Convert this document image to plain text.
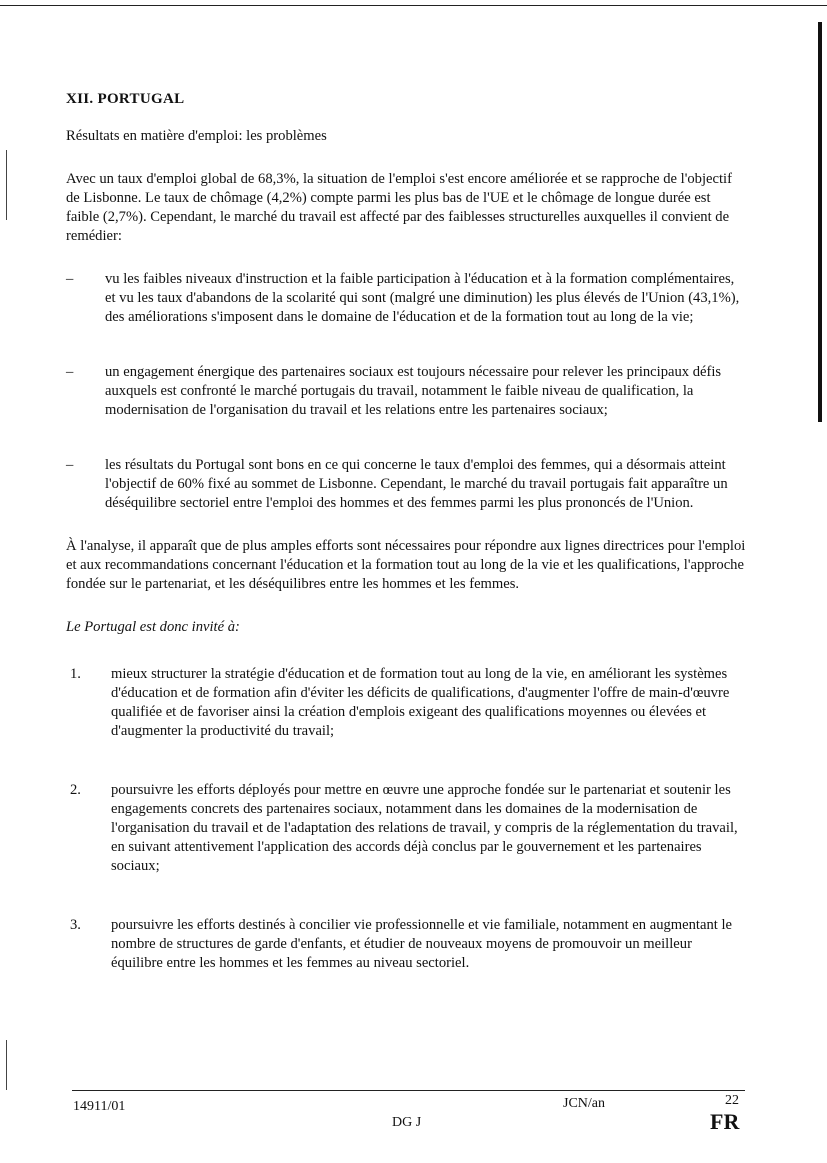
XII. PORTUGAL

Résultats en matière d'emploi: les problèmes

Avec un taux d'emploi global de 68,3%, la situation de l'emploi s'est encore améliorée et se rapproche de l'objectif de Lisbonne. Le taux de chômage (4,2%) compte parmi les plus bas de l'UE et le chômage de longue durée est faible (2,7%). Cependant, le marché du travail est affecté par des faiblesses structurelles auxquelles il convient de remédier:

– vu les faibles niveaux d'instruction et la faible participation à l'éducation et à la formation complémentaires, et vu les taux d'abandons de la scolarité qui sont (malgré une diminution) les plus élevés de l'Union (43,1%), des améliorations s'imposent dans le domaine de l'éducation et de la formation tout au long de la vie;
– un engagement énergique des partenaires sociaux est toujours nécessaire pour relever les principaux défis auxquels est confronté le marché portugais du travail, notamment le faible niveau de qualification, la modernisation de l'organisation du travail et les relations entre les partenaires sociaux;
– les résultats du Portugal sont bons en ce qui concerne le taux d'emploi des femmes, qui a désormais atteint l'objectif de 60% fixé au sommet de Lisbonne. Cependant, le marché du travail portugais fait apparaître un déséquilibre sectoriel entre l'emploi des hommes et des femmes parmi les plus prononcés de l'Union.

À l'analyse, il apparaît que de plus amples efforts sont nécessaires pour répondre aux lignes directrices pour l'emploi et aux recommandations concernant l'éducation et la formation tout au long de la vie et les qualifications, l'approche fondée sur le partenariat, et les déséquilibres entre les hommes et les femmes.

Le Portugal est donc invité à:

1. mieux structurer la stratégie d'éducation et de formation tout au long de la vie, en améliorant les systèmes d'éducation et de formation afin d'éviter les déficits de qualifications, d'augmenter l'offre de main-d'œuvre qualifiée et de favoriser ainsi la création d'emplois exigeant des qualifications moyennes ou élevées et d'augmenter la productivité du travail;
2. poursuivre les efforts déployés pour mettre en œuvre une approche fondée sur le partenariat et soutenir les engagements concrets des partenaires sociaux, notamment dans les domaines de la modernisation de l'organisation du travail et de l'adaptation des relations de travail, y compris de la réglementation du travail, en suivant attentivement l'application des accords déjà conclus par le gouvernement et les partenaires sociaux;
3. poursuivre les efforts destinés à concilier vie professionnelle et vie familiale, notamment en augmentant le nombre de structures de garde d'enfants, et étudier de nouveaux moyens de promouvoir un meilleur équilibre entre les hommes et les femmes au niveau sectoriel.
14911/01	JCN/an	22
DG J	FR
